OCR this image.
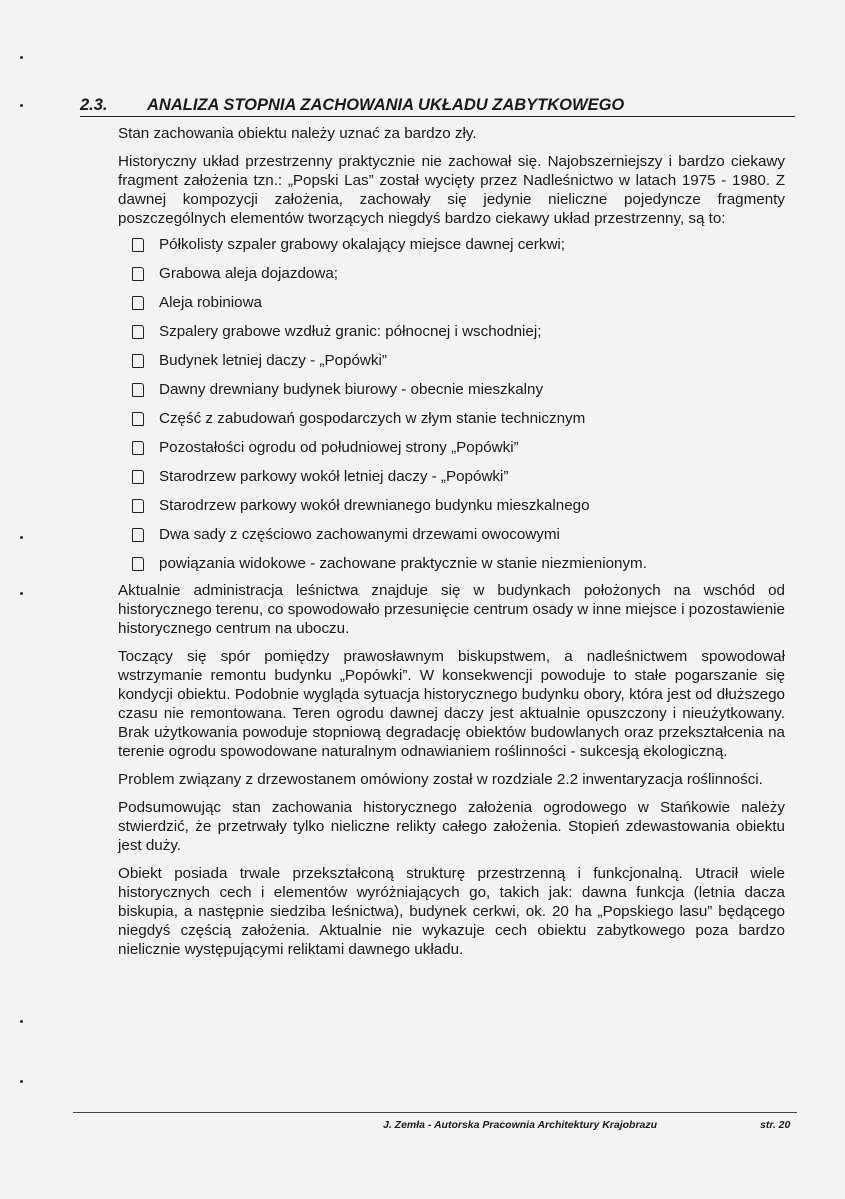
2.3. ANALIZA STOPNIA ZACHOWANIA UKŁADU ZABYTKOWEGO

Stan zachowania obiektu należy uznać za bardzo zły.

Historyczny układ przestrzenny praktycznie nie zachował się. Najobszerniejszy i bardzo ciekawy fragment założenia tzn.: „Popski Las” został wycięty przez Nadleśnictwo w latach 1975 - 1980. Z dawnej kompozycji założenia, zachowały się jedynie nieliczne pojedyncze fragmenty poszczególnych elementów tworzących niegdyś bardzo ciekawy układ przestrzenny, są to:

Półkolisty szpaler grabowy okalający miejsce dawnej cerkwi;
Grabowa aleja dojazdowa;
Aleja robiniowa
Szpalery grabowe wzdłuż granic: północnej i wschodniej;
Budynek letniej daczy - „Popówki”
Dawny drewniany budynek biurowy - obecnie mieszkalny
Część z zabudowań gospodarczych w złym stanie technicznym
Pozostałości ogrodu od południowej strony „Popówki”
Starodrzew parkowy wokół letniej daczy - „Popówki”
Starodrzew parkowy wokół drewnianego budynku mieszkalnego
Dwa sady z częściowo zachowanymi drzewami owocowymi
powiązania widokowe - zachowane praktycznie w stanie niezmienionym.

Aktualnie administracja leśnictwa znajduje się w budynkach położonych na wschód od historycznego terenu, co spowodowało przesunięcie centrum osady w inne miejsce i pozostawienie historycznego centrum na uboczu.

Toczący się spór pomiędzy prawosławnym biskupstwem, a nadleśnictwem spowodował wstrzymanie remontu budynku „Popówki”. W konsekwencji powoduje to stałe pogarszanie się kondycji obiektu. Podobnie wygląda sytuacja historycznego budynku obory, która jest od dłuższego czasu nie remontowana. Teren ogrodu dawnej daczy jest aktualnie opuszczony i nieużytkowany. Brak użytkowania powoduje stopniową degradację obiektów budowlanych oraz przekształcenia na terenie ogrodu spowodowane naturalnym odnawianiem roślinności - sukcesją ekologiczną.

Problem związany z drzewostanem omówiony został w rozdziale 2.2 inwentaryzacja roślinności.

Podsumowując stan zachowania historycznego założenia ogrodowego w Stańkowie należy stwierdzić, że przetrwały tylko nieliczne relikty całego założenia. Stopień zdewastowania obiektu jest duży.

Obiekt posiada trwale przekształconą strukturę przestrzenną i funkcjonalną. Utracił wiele historycznych cech i elementów wyróżniających go, takich jak: dawna funkcja (letnia dacza biskupia, a następnie siedziba leśnictwa), budynek cerkwi, ok. 20 ha „Popskiego lasu” będącego niegdyś częścią założenia. Aktualnie nie wykazuje cech obiektu zabytkowego poza bardzo nielicznie występującymi reliktami dawnego układu.

J. Zemła - Autorska Pracownia Architektury Krajobrazu	str. 20
